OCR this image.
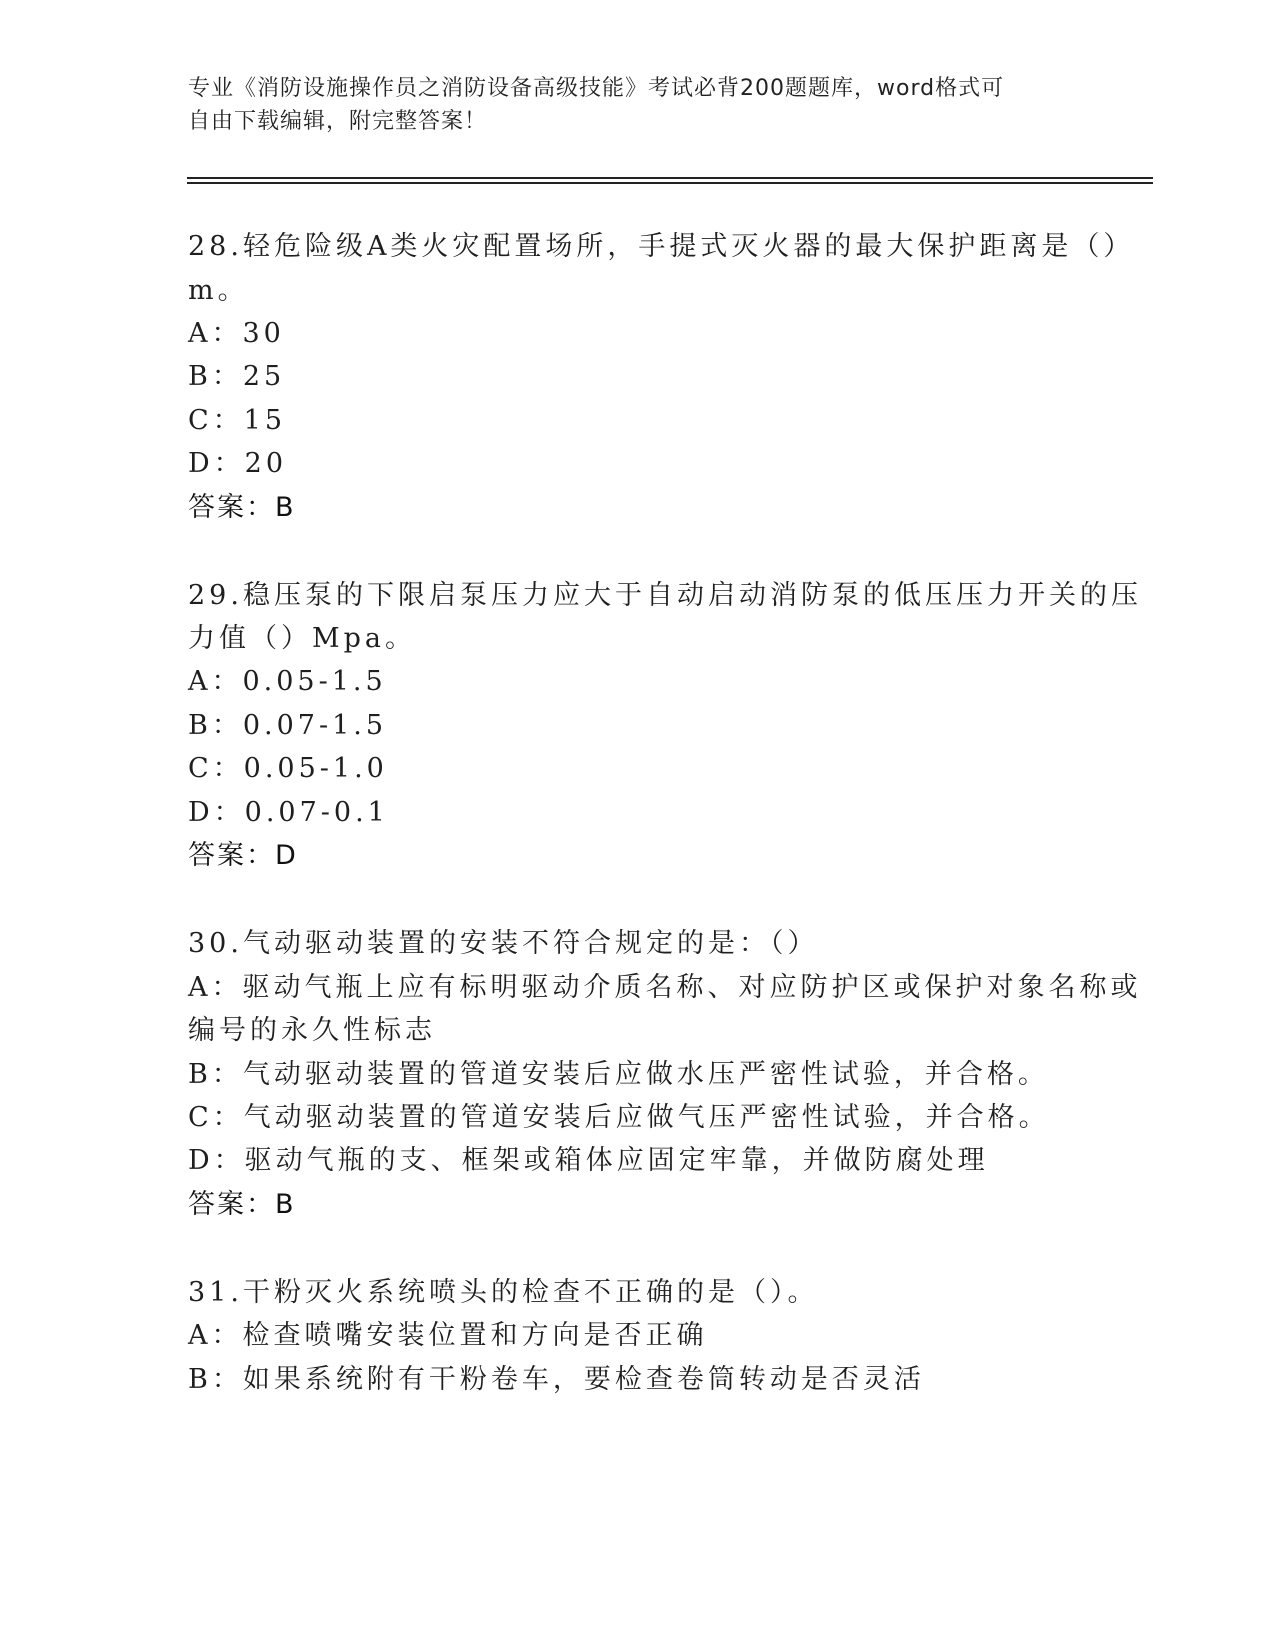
专业《消防设施操作员之消防设备高级技能》考试必背200题题库，word格式可
自由下载编辑，附完整答案！
28.轻危险级A类火灾配置场所，手提式灭火器的最大保护距离是（）
m。
A：30
B：25
C：15
D：20
答案：B
29.稳压泵的下限启泵压力应大于自动启动消防泵的低压压力开关的压
力值（）Mpa。
A：0.05-1.5
B：0.07-1.5
C：0.05-1.0
D：0.07-0.1
答案：D
30.气动驱动装置的安装不符合规定的是：（）
A：驱动气瓶上应有标明驱动介质名称、对应防护区或保护对象名称或
编号的永久性标志
B：气动驱动装置的管道安装后应做水压严密性试验，并合格。
C：气动驱动装置的管道安装后应做气压严密性试验，并合格。
D：驱动气瓶的支、框架或箱体应固定牢靠，并做防腐处理
答案：B
31.干粉灭火系统喷头的检查不正确的是（）。
A：检查喷嘴安装位置和方向是否正确
B：如果系统附有干粉卷车，要检查卷筒转动是否灵活
